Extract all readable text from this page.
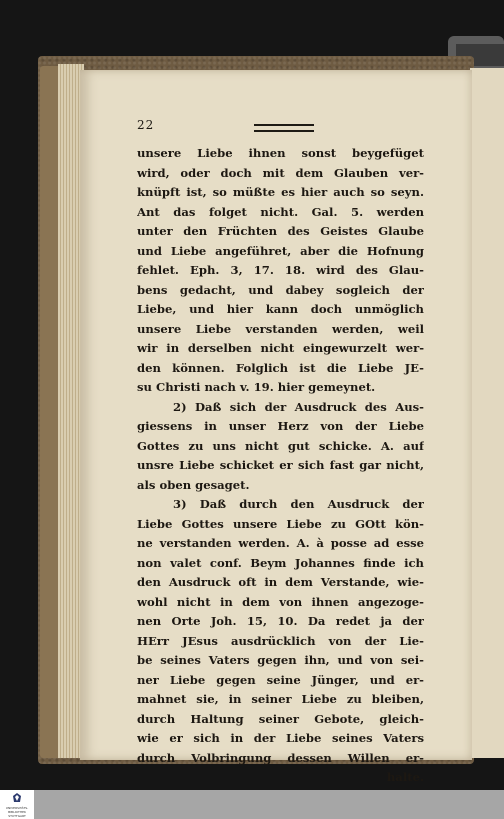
22
unsere Liebe ihnen sonst beygefüget
wird, oder doch mit dem Glauben ver-
knüpft ist, so müßte es hier auch so seyn.
Ant das folget nicht. Gal. 5. werden
unter den Früchten des Geistes Glaube
und Liebe angeführet, aber die Hofnung
fehlet. Eph. 3, 17. 18. wird des Glau-
bens gedacht, und dabey sogleich der
Liebe, und hier kann doch unmöglich
unsere Liebe verstanden werden, weil
wir in derselben nicht eingewurzelt wer-
den können. Folglich ist die Liebe JE-
su Christi nach v. 19. hier gemeynet.
2) Daß sich der Ausdruck des Aus-
giessens in unser Herz von der Liebe
Gottes zu uns nicht gut schicke. A. auf
unsre Liebe schicket er sich fast gar nicht,
als oben gesaget.
3) Daß durch den Ausdruck der
Liebe Gottes unsere Liebe zu GOtt kön-
ne verstanden werden. A. à posse ad esse
non valet conf. Beym Johannes finde ich
den Ausdruck oft in dem Verstande, wie-
wohl nicht in dem von ihnen angezoge-
nen Orte Joh. 15, 10. Da redet ja der
HErr JEsus ausdrücklich von der Lie-
be seines Vaters gegen ihn, und von sei-
ner Liebe gegen seine Jünger, und er-
mahnet sie, in seiner Liebe zu bleiben,
durch Haltung seiner Gebote, gleich-
wie er sich in der Liebe seines Vaters
durch Volbringung dessen Willen er-
halte.
UNIVERSITÄTS-
BIBLIOTHEK
STUTTGART
